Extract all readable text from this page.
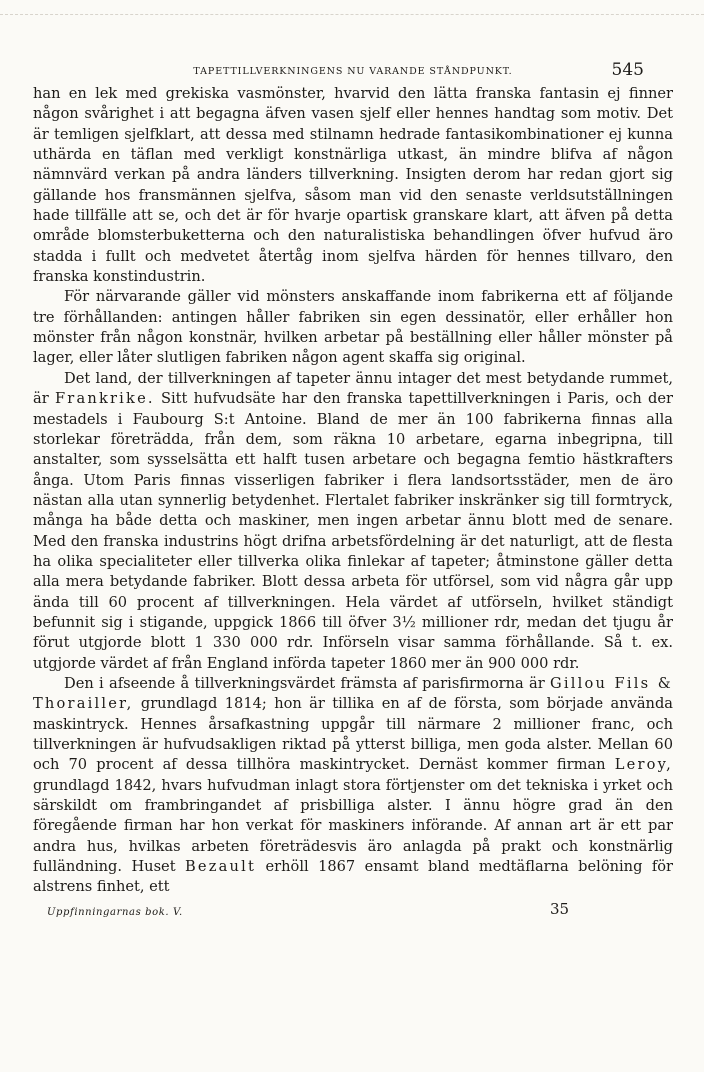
TAPETTILLVERKNINGENS NU VARANDE STÅNDPUNKT.	545

han en lek med grekiska vasmönster, hvarvid den lätta franska fantasin ej finner någon svårighet i att begagna äfven vasen sjelf eller hennes handtag som motiv. Det är temligen sjelfklart, att dessa med stilnamn hedrade fantasikombinationer ej kunna uthärda en täflan med verkligt konstnärliga utkast, än mindre blifva af någon nämnvärd verkan på andra länders tillverkning. Insigten derom har redan gjort sig gällande hos fransmännen sjelfva, såsom man vid den senaste verldsutställningen hade tillfälle att se, och det är för hvarje opartisk granskare klart, att äfven på detta område blomsterbuketterna och den naturalistiska behandlingen öfver hufvud äro stadda i fullt och medvetet återtåg inom sjelfva härden för hennes tillvaro, den franska konstindustrin.

För närvarande gäller vid mönsters anskaffande inom fabrikerna ett af följande tre förhållanden: antingen håller fabriken sin egen dessinatör, eller erhåller hon mönster från någon konstnär, hvilken arbetar på beställning eller håller mönster på lager, eller låter slutligen fabriken någon agent skaffa sig original.

Det land, der tillverkningen af tapeter ännu intager det mest betydande rummet, är Frankrike. Sitt hufvudsäte har den franska tapettillverkningen i Paris, och der mestadels i Faubourg S:t Antoine. Bland de mer än 100 fabrikerna finnas alla storlekar företrädda, från dem, som räkna 10 arbetare, egarna inbegripna, till anstalter, som sysselsätta ett halft tusen arbetare och begagna femtio hästkrafters ånga. Utom Paris finnas visserligen fabriker i flera landsortsstäder, men de äro nästan alla utan synnerlig betydenhet. Flertalet fabriker inskränker sig till formtryck, många ha både detta och maskiner, men ingen arbetar ännu blott med de senare. Med den franska industrins högt drifna arbetsfördelning är det naturligt, att de flesta ha olika specialiteter eller tillverka olika finlekar af tapeter; åtminstone gäller detta alla mera betydande fabriker. Blott dessa arbeta för utförsel, som vid några går upp ända till 60 procent af tillverkningen. Hela värdet af utförseln, hvilket ständigt befunnit sig i stigande, uppgick 1866 till öfver 3½ millioner rdr, medan det tjugu år förut utgjorde blott 1 330 000 rdr. Införseln visar samma förhållande. Så t. ex. utgjorde värdet af från England införda tapeter 1860 mer än 900 000 rdr.

Den i afseende å tillverkningsvärdet främsta af parisfirmorna är Gillou Fils & Thorailler, grundlagd 1814; hon är tillika en af de första, som började använda maskintryck. Hennes årsafkastning uppgår till närmare 2 millioner franc, och tillverkningen är hufvudsakligen riktad på ytterst billiga, men goda alster. Mellan 60 och 70 procent af dessa tillhöra maskintrycket. Dernäst kommer firman Leroy, grundlagd 1842, hvars hufvudman inlagt stora förtjenster om det tekniska i yrket och särskildt om frambringandet af prisbilliga alster. I ännu högre grad än den föregående firman har hon verkat för maskiners införande. Af annan art är ett par andra hus, hvilkas arbeten företrädesvis äro anlagda på prakt och konstnärlig fulländning. Huset Bezault erhöll 1867 ensamt bland medtäflarna belöning för alstrens finhet, ett

Uppfinningarnas bok. V.	35
